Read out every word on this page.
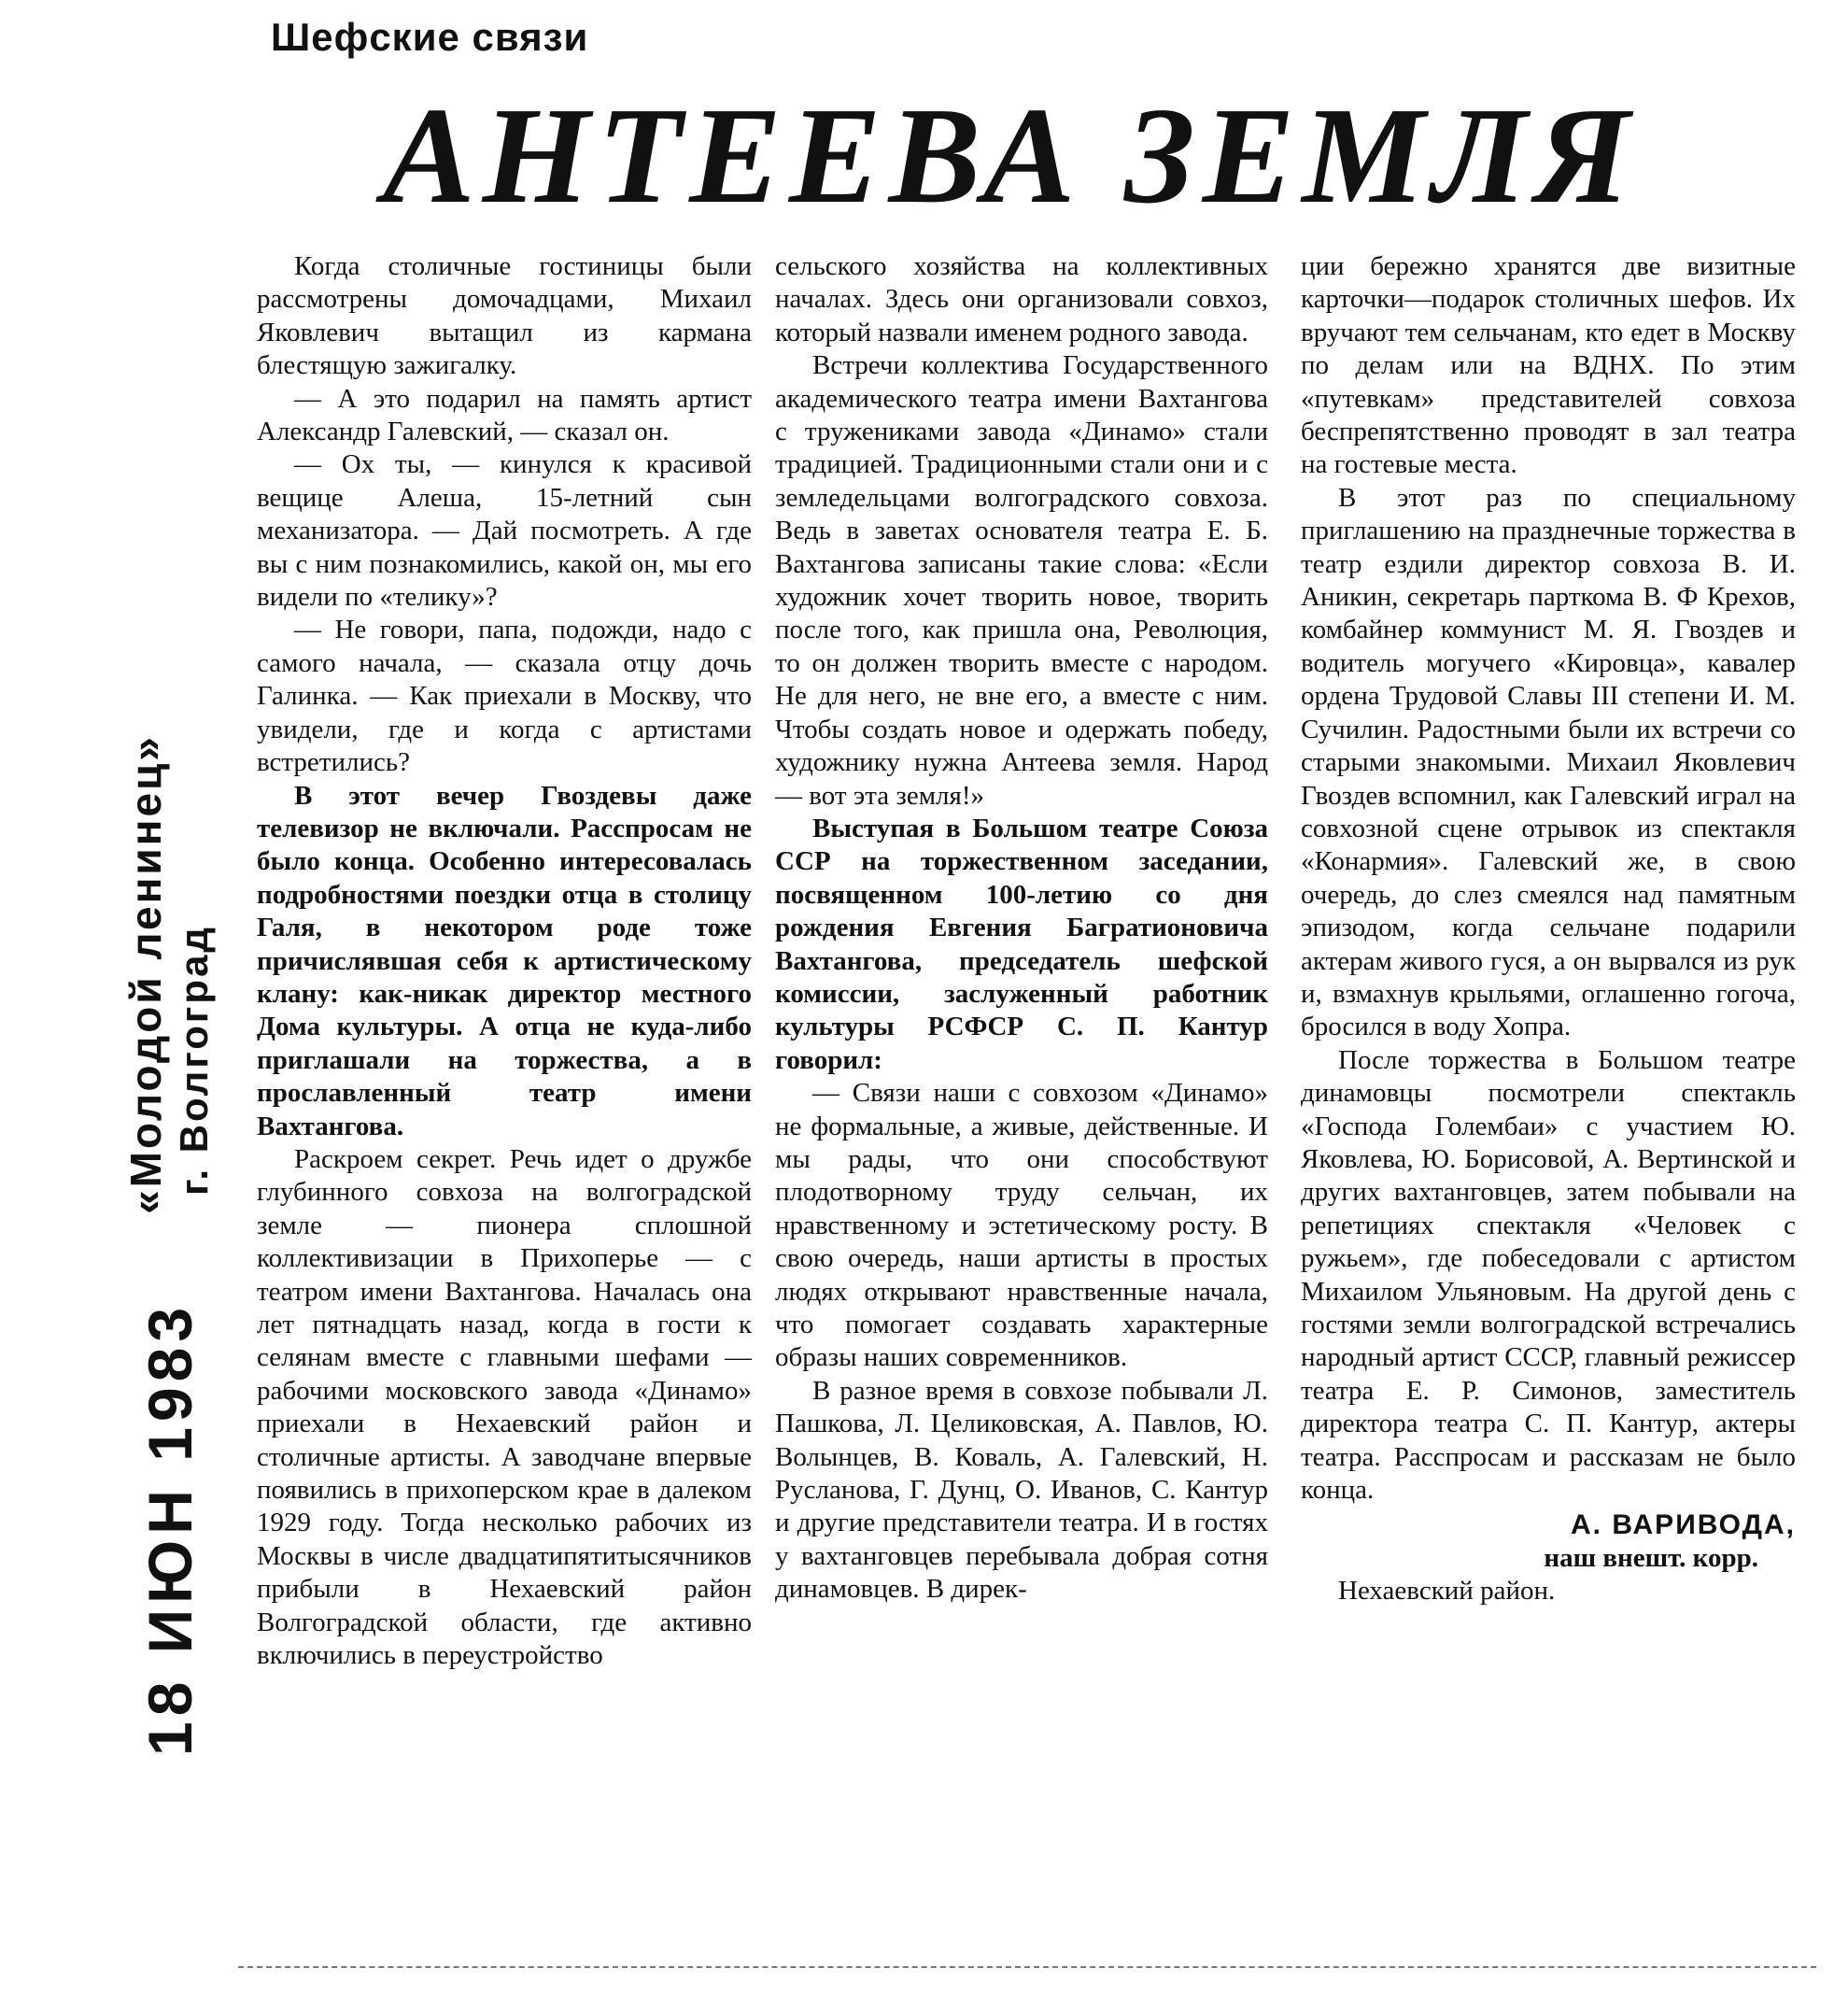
Шефские связи
АНТЕЕВА ЗЕМЛЯ
18 ИЮН 1983
«Молодой ленинец» г. Волгоград

Когда столичные гостиницы были рассмотрены домочадцами, Михаил Яковлевич вытащил из кармана блестящую зажигалку.

— А это подарил на память артист Александр Галевский, — сказал он.

— Ох ты, — кинулся к красивой вещице Алеша, 15-летний сын механизатора. — Дай посмотреть. А где вы с ним познакомились, какой он, мы его видели по «телику»?

— Не говори, папа, подожди, надо с самого начала, — сказала отцу дочь Галинка. — Как приехали в Москву, что увидели, где и когда с артистами встретились?

В этот вечер Гвоздевы даже телевизор не включали. Расспросам не было конца. Особенно интересовалась подробностями поездки отца в столицу Галя, в некотором роде тоже причислявшая себя к артистическому клану: как-никак директор местного Дома культуры. А отца не куда-либо приглашали на торжества, а в прославленный театр имени Вахтангова.

Раскроем секрет. Речь идет о дружбе глубинного совхоза на волгоградской земле — пионера сплошной коллективизации в Прихоперье — с театром имени Вахтангова. Началась она лет пятнадцать назад, когда в гости к селянам вместе с главными шефами — рабочими московского завода «Динамо» приехали в Нехаевский район и столичные артисты. А заводчане впервые появились в прихоперском крае в далеком 1929 году. Тогда несколько рабочих из Москвы в числе двадцатипятитысячников прибыли в Нехаевский район Волгоградской области, где активно включились в переустройство

сельского хозяйства на коллективных началах. Здесь они организовали совхоз, который назвали именем родного завода.

Встречи коллектива Государственного академического театра имени Вахтангова с тружениками завода «Динамо» стали традицией. Традиционными стали они и с земледельцами волгоградского совхоза. Ведь в заветах основателя театра Е. Б. Вахтангова записаны такие слова: «Если художник хочет творить новое, творить после того, как пришла она, Революция, то он должен творить вместе с народом. Не для него, не вне его, а вместе с ним. Чтобы создать новое и одержать победу, художнику нужна Антеева земля. Народ — вот эта земля!»

Выступая в Большом театре Союза ССР на торжественном заседании, посвященном 100-летию со дня рождения Евгения Багратионовича Вахтангова, председатель шефской комиссии, заслуженный работник культуры РСФСР С. П. Кантур говорил:

— Связи наши с совхозом «Динамо» не формальные, а живые, действенные. И мы рады, что они способствуют плодотворному труду сельчан, их нравственному и эстетическому росту. В свою очередь, наши артисты в простых людях открывают нравственные начала, что помогает создавать характерные образы наших современников.

В разное время в совхозе побывали Л. Пашкова, Л. Целиковская, А. Павлов, Ю. Волынцев, В. Коваль, А. Галевский, Н. Русланова, Г. Дунц, О. Иванов, С. Кантур и другие представители театра. И в гостях у вахтанговцев перебывала добрая сотня динамовцев. В дирек-

ции бережно хранятся две визитные карточки—подарок столичных шефов. Их вручают тем сельчанам, кто едет в Москву по делам или на ВДНХ. По этим «путевкам» представителей совхоза беспрепятственно проводят в зал театра на гостевые места.

В этот раз по специальному приглашению на празднечные торжества в театр ездили директор совхоза В. И. Аникин, секретарь парткома В. Ф Крехов, комбайнер коммунист М. Я. Гвоздев и водитель могучего «Кировца», кавалер ордена Трудовой Славы III степени И. М. Сучилин. Радостными были их встречи со старыми знакомыми. Михаил Яковлевич Гвоздев вспомнил, как Галевский играл на совхозной сцене отрывок из спектакля «Конармия». Галевский же, в свою очередь, до слез смеялся над памятным эпизодом, когда сельчане подарили актерам живого гуся, а он вырвался из рук и, взмахнув крыльями, оглашенно гогоча, бросился в воду Хопра.

После торжества в Большом театре динамовцы посмотрели спектакль «Господа Голембаи» с участием Ю. Яковлева, Ю. Борисовой, А. Вертинской и других вахтанговцев, затем побывали на репетициях спектакля «Человек с ружьем», где побеседовали с артистом Михаилом Ульяновым. На другой день с гостями земли волгоградской встречались народный артист СССР, главный режиссер театра Е. Р. Симонов, заместитель директора театра С. П. Кантур, актеры театра. Расспросам и рассказам не было конца.

А. ВАРИВОДА,
наш внешт. корр.

Нехаевский район.
